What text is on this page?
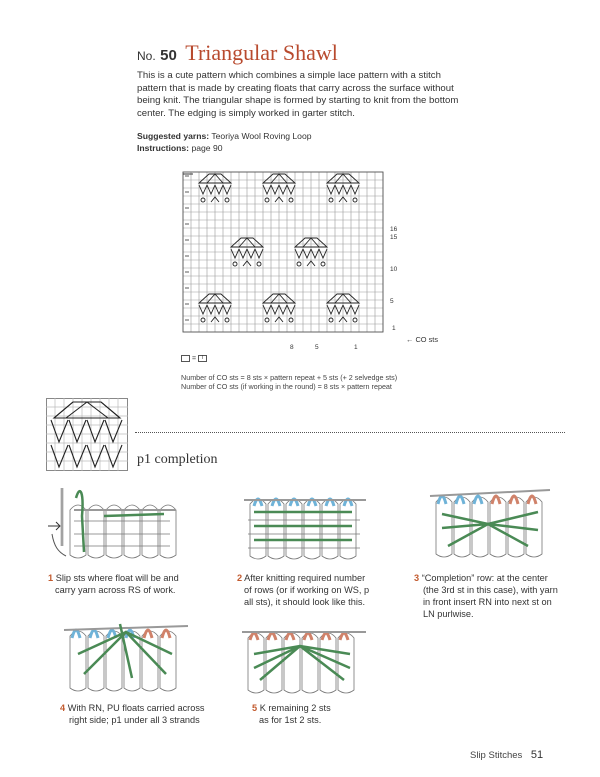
No. 50 Triangular Shawl
This is a cute pattern which combines a simple lace pattern with a stitch pattern that is made by creating floats that carry across the surface without being knit. The triangular shape is formed by starting to knit from the bottom center. The edging is simply worked in garter stitch.
Suggested yarns: Teoriya Wool Roving Loop
Instructions: page 90
16
15
10
5
1
8	5	1
← CO sts
= I
Number of CO sts = 8 sts × pattern repeat + 5 sts (+ 2 selvedge sts)
Number of CO sts (if working in the round) = 8 sts × pattern repeat
p1 completion
1 Slip sts where float will be and
carry yarn across RS of work.
2 After knitting required number
of rows (or if working on WS, p
all sts), it should look like this.
3 “Completion” row: at the center
(the 3rd st in this case), with yarn
in front insert RN into next st on
LN purlwise.
4 With RN, PU floats carried across
right side; p1 under all 3 strands
5 K remaining 2 sts
as for 1st 2 sts.
Slip Stitches 51
